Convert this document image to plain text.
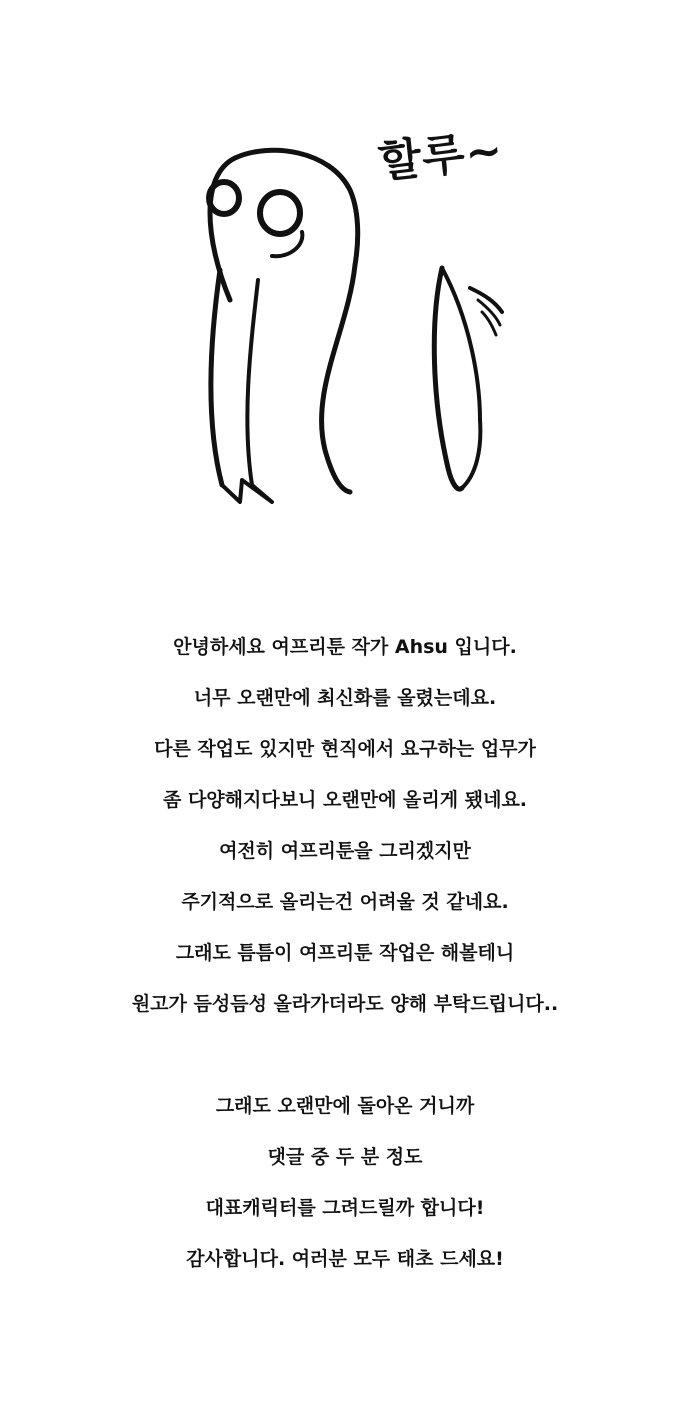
할루~
안녕하세요 여프리툰 작가 Ahsu 입니다.
너무 오랜만에 최신화를 올렸는데요.
다른 작업도 있지만 현직에서 요구하는 업무가
좀 다양해지다보니 오랜만에 올리게 됐네요.
여전히 여프리툰을 그리겠지만
주기적으로 올리는건 어려울 것 같네요.
그래도 틈틈이 여프리툰 작업은 해볼테니
원고가 듬성듬성 올라가더라도 양해 부탁드립니다..
그래도 오랜만에 돌아온 거니까
댓글 중 두 분 정도
대표캐릭터를 그려드릴까 합니다!
감사합니다. 여러분 모두 태초 드세요!
